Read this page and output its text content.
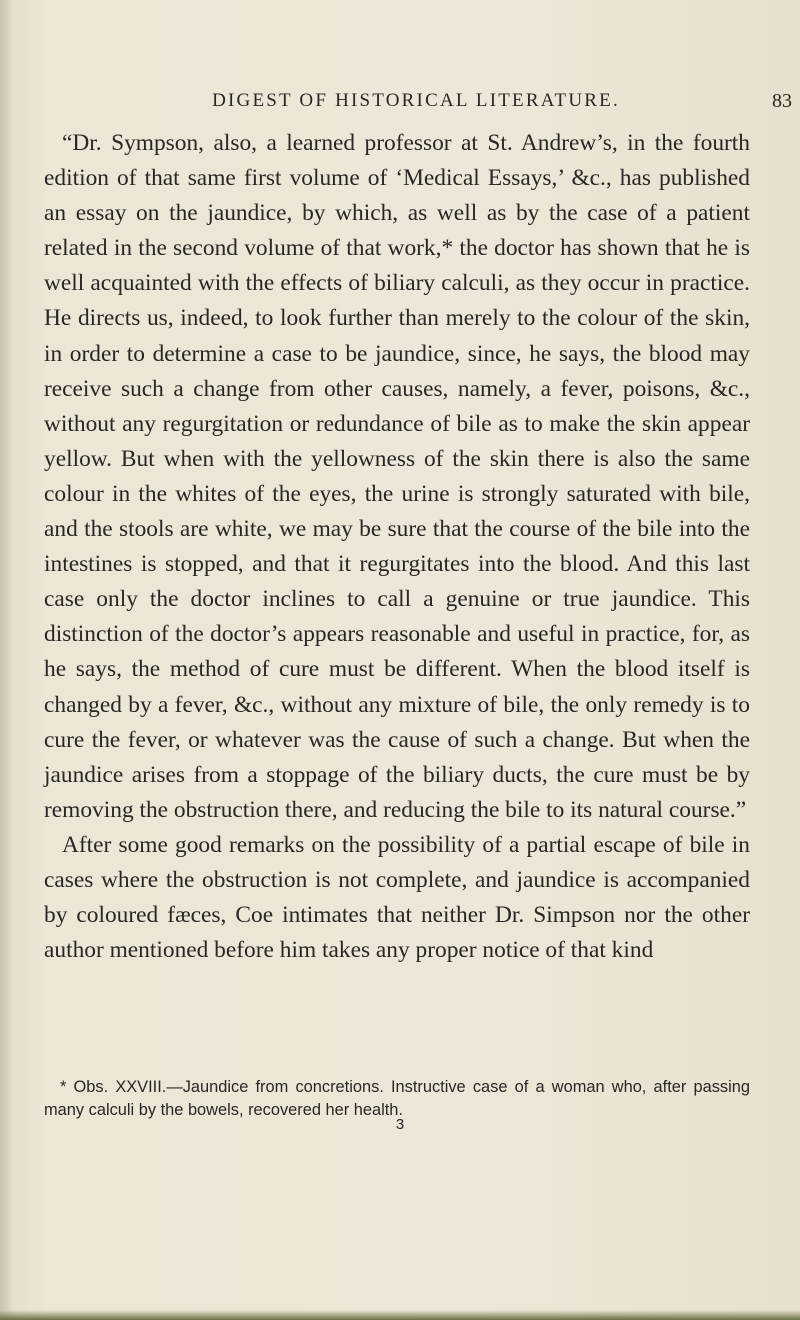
DIGEST OF HISTORICAL LITERATURE.	83

“Dr. Sympson, also, a learned professor at St. Andrew’s, in the fourth edition of that same first volume of ‘Medical Essays,’ &c., has published an essay on the jaundice, by which, as well as by the case of a patient related in the second volume of that work,* the doctor has shown that he is well acquainted with the effects of biliary calculi, as they occur in practice. He directs us, indeed, to look further than merely to the colour of the skin, in order to determine a case to be jaundice, since, he says, the blood may receive such a change from other causes, namely, a fever, poisons, &c., without any regurgitation or redundance of bile as to make the skin appear yellow. But when with the yellowness of the skin there is also the same colour in the whites of the eyes, the urine is strongly saturated with bile, and the stools are white, we may be sure that the course of the bile into the intestines is stopped, and that it regurgitates into the blood. And this last case only the doctor inclines to call a genuine or true jaundice. This distinction of the doctor’s appears reasonable and useful in practice, for, as he says, the method of cure must be different. When the blood itself is changed by a fever, &c., without any mixture of bile, the only remedy is to cure the fever, or whatever was the cause of such a change. But when the jaundice arises from a stoppage of the biliary ducts, the cure must be by removing the obstruction there, and reducing the bile to its natural course.”

After some good remarks on the possibility of a partial escape of bile in cases where the obstruction is not complete, and jaundice is accompanied by coloured fæces, Coe intimates that neither Dr. Simpson nor the other author mentioned before him takes any proper notice of that kind

* Obs. XXVIII.—Jaundice from concretions. Instructive case of a woman who, after passing many calculi by the bowels, recovered her health.
3
